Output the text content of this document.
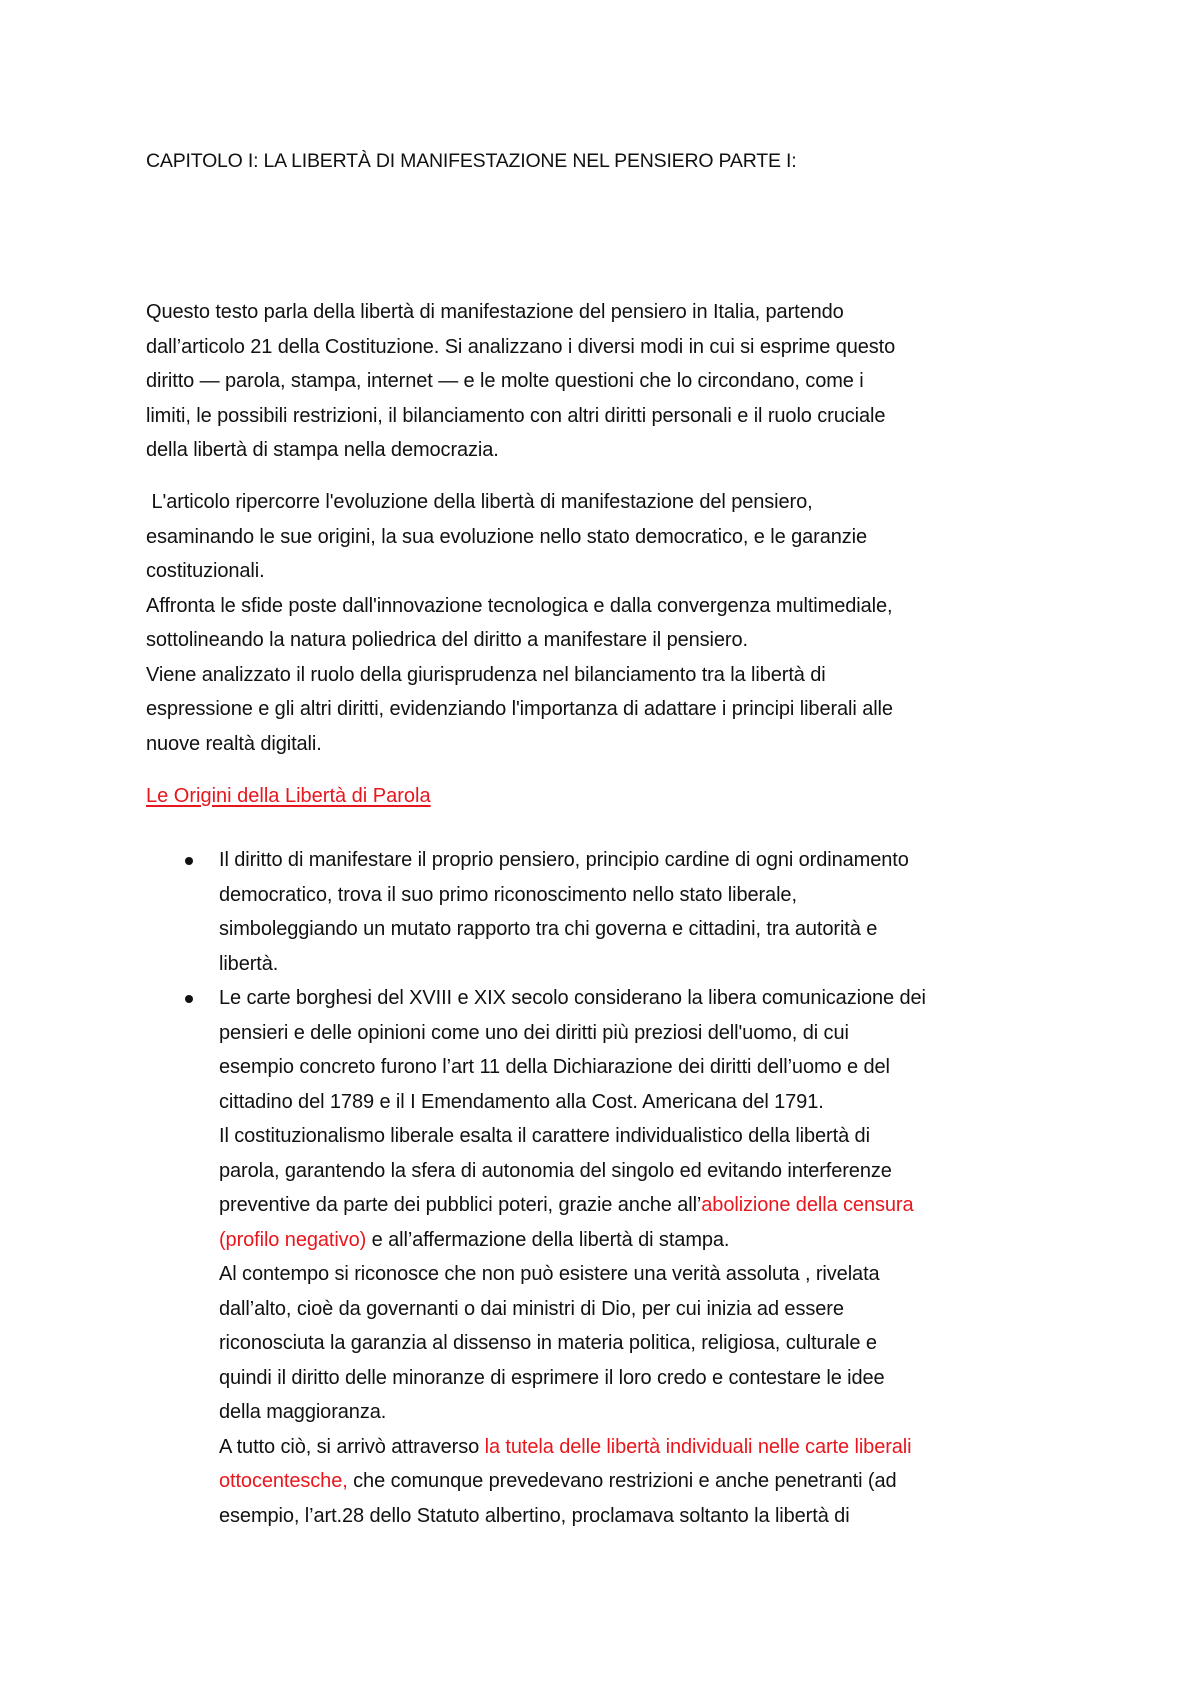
CAPITOLO I: LA LIBERTÀ DI MANIFESTAZIONE NEL PENSIERO PARTE I:
Questo testo parla della libertà di manifestazione del pensiero in Italia, partendo
dall’articolo 21 della Costituzione. Si analizzano i diversi modi in cui si esprime questo
diritto — parola, stampa, internet — e le molte questioni che lo circondano, come i
limiti, le possibili restrizioni, il bilanciamento con altri diritti personali e il ruolo cruciale
della libertà di stampa nella democrazia.
L'articolo ripercorre l'evoluzione della libertà di manifestazione del pensiero,
esaminando le sue origini, la sua evoluzione nello stato democratico, e le garanzie
costituzionali.
Affronta le sfide poste dall'innovazione tecnologica e dalla convergenza multimediale,
sottolineando la natura poliedrica del diritto a manifestare il pensiero.
Viene analizzato il ruolo della giurisprudenza nel bilanciamento tra la libertà di
espressione e gli altri diritti, evidenziando l'importanza di adattare i principi liberali alle
nuove realtà digitali.
Le Origini della Libertà di Parola
Il diritto di manifestare il proprio pensiero, principio cardine di ogni ordinamento
democratico, trova il suo primo riconoscimento nello stato liberale,
simboleggiando un mutato rapporto tra chi governa e cittadini, tra autorità e
libertà.
Le carte borghesi del XVIII e XIX secolo considerano la libera comunicazione dei
pensieri e delle opinioni come uno dei diritti più preziosi dell'uomo, di cui
esempio concreto furono l’art 11 della Dichiarazione dei diritti dell’uomo e del
cittadino del 1789 e il I Emendamento alla Cost. Americana del 1791.
Il costituzionalismo liberale esalta il carattere individualistico della libertà di
parola, garantendo la sfera di autonomia del singolo ed evitando interferenze
preventive da parte dei pubblici poteri, grazie anche all’abolizione della censura
(profilo negativo) e all’affermazione della libertà di stampa.
Al contempo si riconosce che non può esistere una verità assoluta , rivelata
dall’alto, cioè da governanti o dai ministri di Dio, per cui inizia ad essere
riconosciuta la garanzia al dissenso in materia politica, religiosa, culturale e
quindi il diritto delle minoranze di esprimere il loro credo e contestare le idee
della maggioranza.
A tutto ciò, si arrivò attraverso la tutela delle libertà individuali nelle carte liberali
ottocentesche, che comunque prevedevano restrizioni e anche penetranti (ad
esempio, l’art.28 dello Statuto albertino, proclamava soltanto la libertà di
